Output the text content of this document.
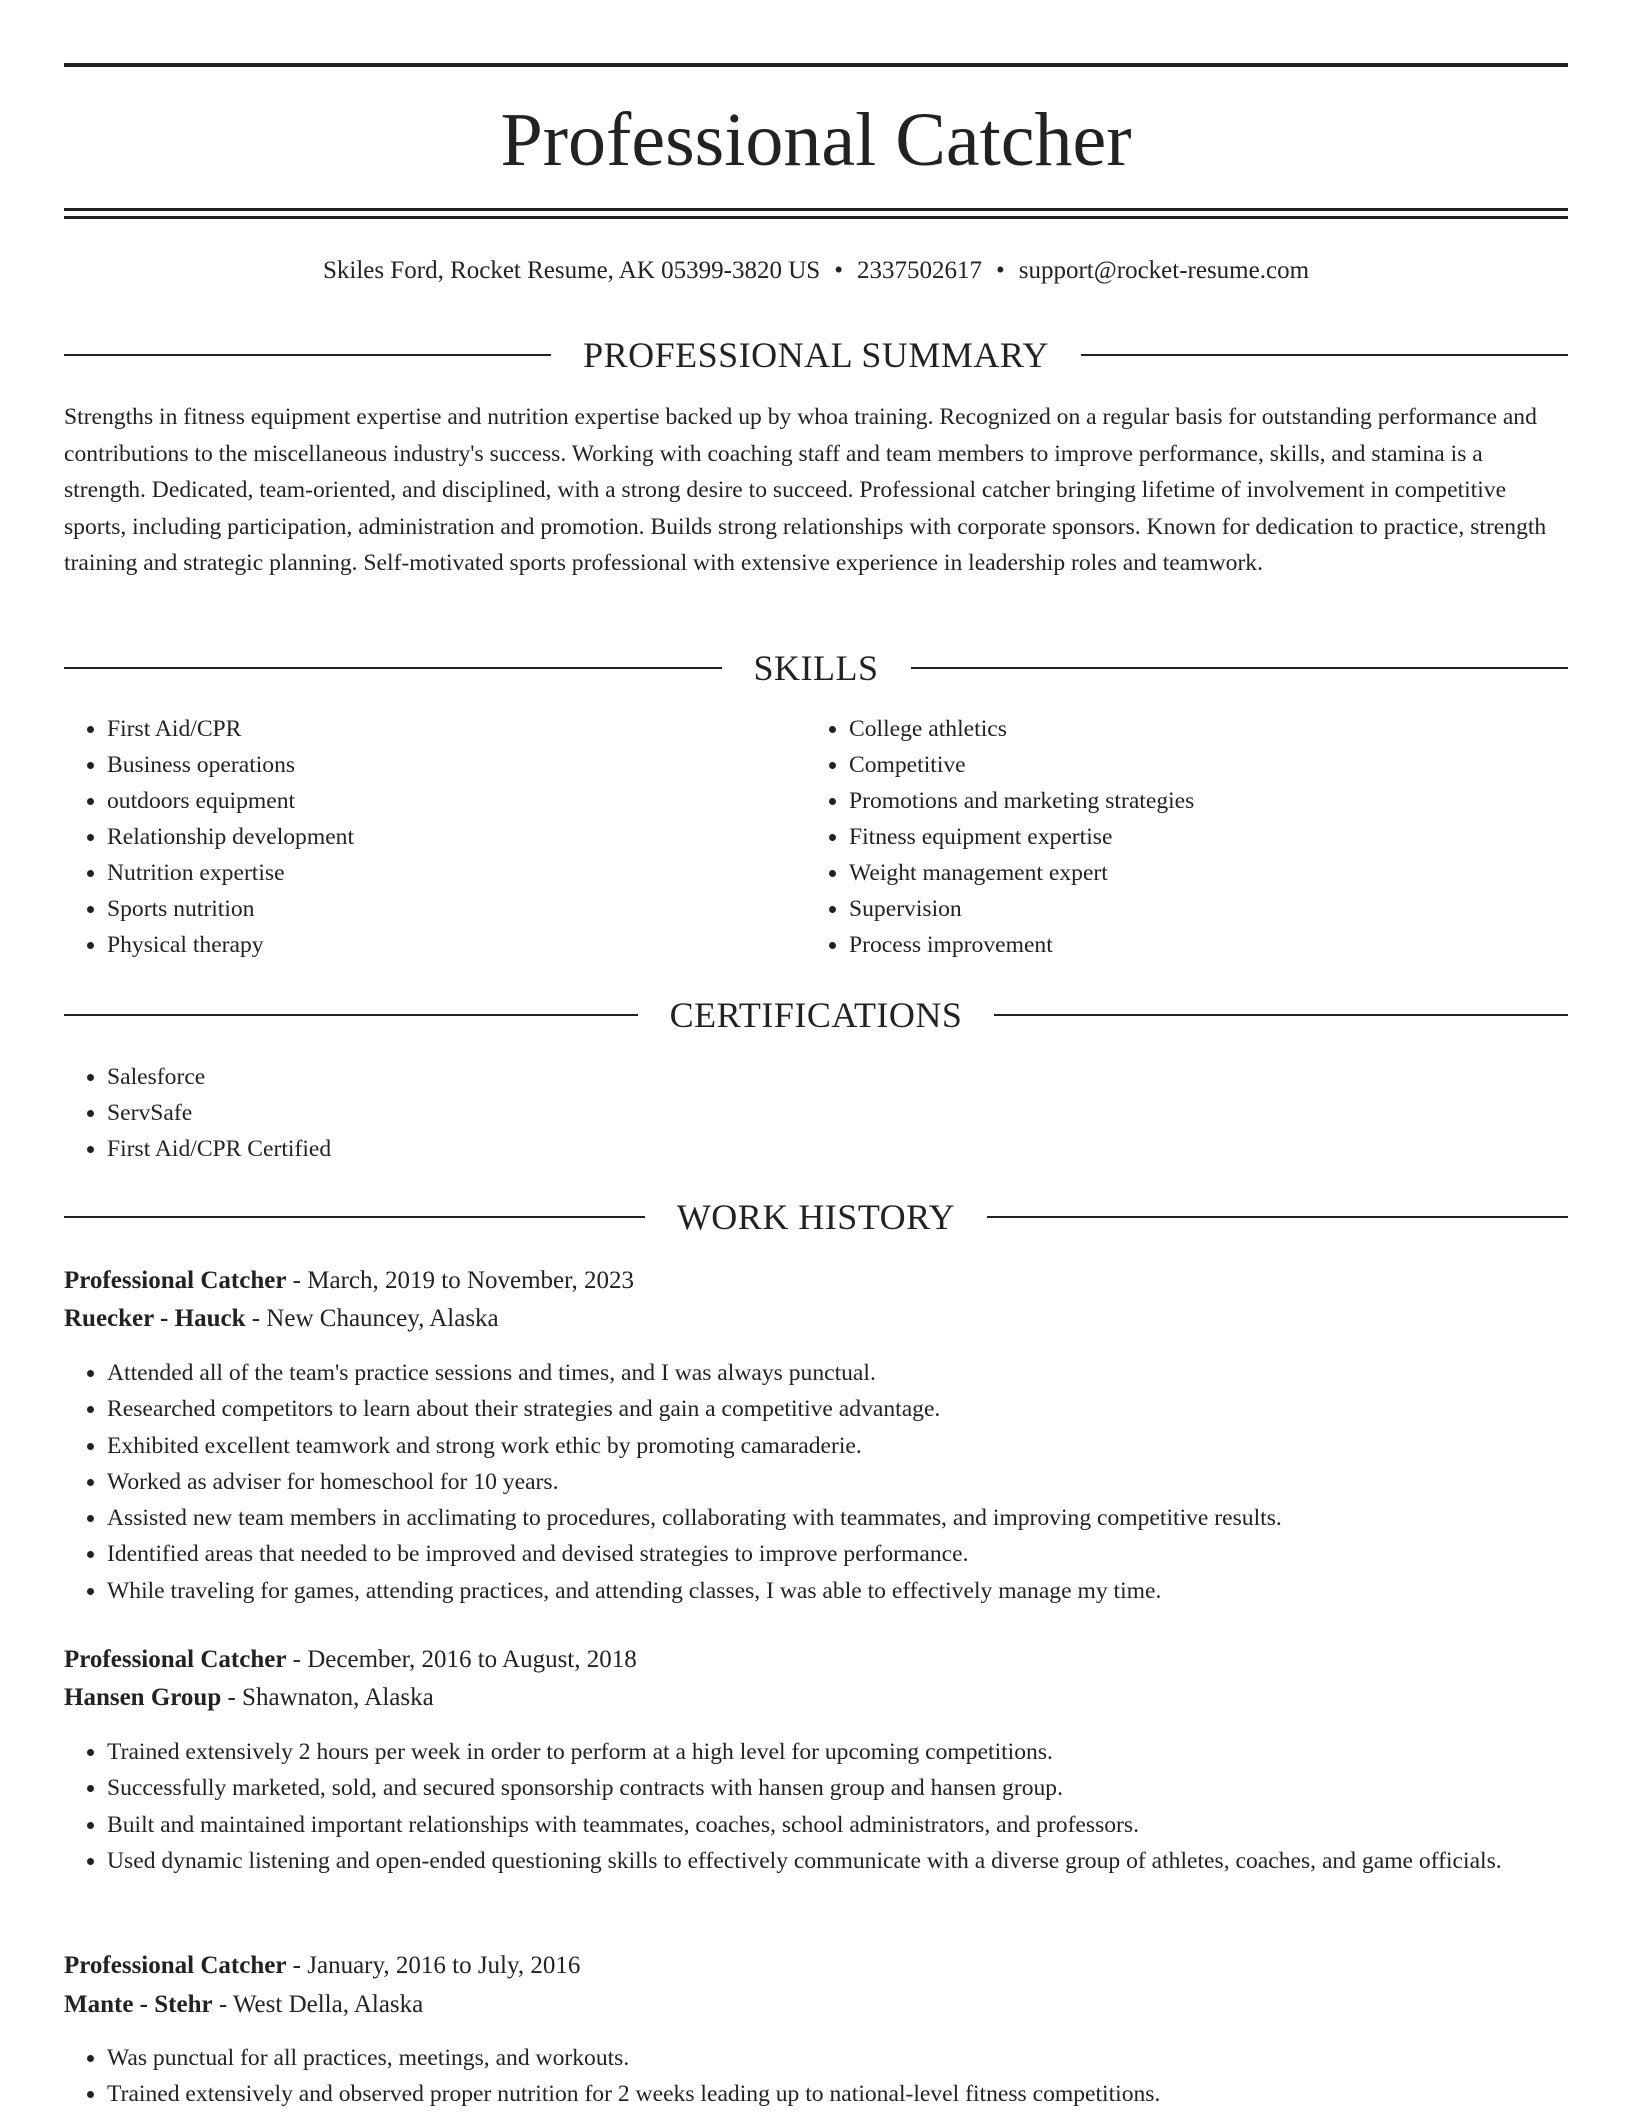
Professional Catcher
Skiles Ford, Rocket Resume, AK 05399-3820 US • 2337502617 • support@rocket-resume.com
PROFESSIONAL SUMMARY

Strengths in fitness equipment expertise and nutrition expertise backed up by whoa training. Recognized on a regular basis for outstanding performance and contributions to the miscellaneous industry's success. Working with coaching staff and team members to improve performance, skills, and stamina is a strength. Dedicated, team-oriented, and disciplined, with a strong desire to succeed. Professional catcher bringing lifetime of involvement in competitive sports, including participation, administration and promotion. Builds strong relationships with corporate sponsors. Known for dedication to practice, strength training and strategic planning. Self-motivated sports professional with extensive experience in leadership roles and teamwork.

SKILLS
• First Aid/CPR
• Business operations
• outdoors equipment
• Relationship development
• Nutrition expertise
• Sports nutrition
• Physical therapy
• College athletics
• Competitive
• Promotions and marketing strategies
• Fitness equipment expertise
• Weight management expert
• Supervision
• Process improvement
CERTIFICATIONS
• Salesforce
• ServSafe
• First Aid/CPR Certified
WORK HISTORY
Professional Catcher - March, 2019 to November, 2023
Ruecker - Hauck - New Chauncey, Alaska
• Attended all of the team's practice sessions and times, and I was always punctual.
• Researched competitors to learn about their strategies and gain a competitive advantage.
• Exhibited excellent teamwork and strong work ethic by promoting camaraderie.
• Worked as adviser for homeschool for 10 years.
• Assisted new team members in acclimating to procedures, collaborating with teammates, and improving competitive results.
• Identified areas that needed to be improved and devised strategies to improve performance.
• While traveling for games, attending practices, and attending classes, I was able to effectively manage my time.
Professional Catcher - December, 2016 to August, 2018
Hansen Group - Shawnaton, Alaska
• Trained extensively 2 hours per week in order to perform at a high level for upcoming competitions.
• Successfully marketed, sold, and secured sponsorship contracts with hansen group and hansen group.
• Built and maintained important relationships with teammates, coaches, school administrators, and professors.
• Used dynamic listening and open-ended questioning skills to effectively communicate with a diverse group of athletes, coaches, and game officials.
Professional Catcher - January, 2016 to July, 2016
Mante - Stehr - West Della, Alaska
• Was punctual for all practices, meetings, and workouts.
• Trained extensively and observed proper nutrition for 2 weeks leading up to national-level fitness competitions.
